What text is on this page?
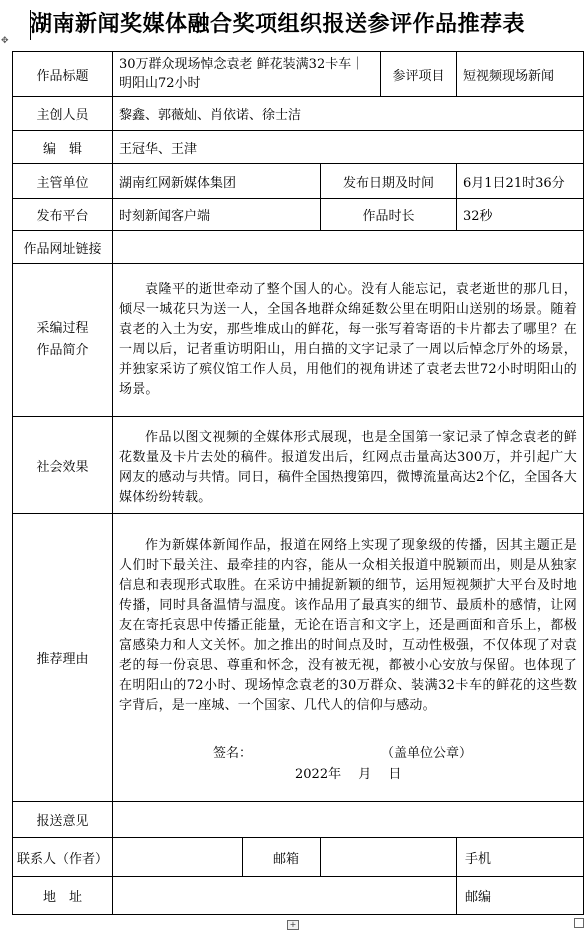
湖南新闻奖媒体融合奖项组织报送参评作品推荐表
✥
作品标题	30万群众现场悼念袁老 鲜花装满32卡车｜明阳山72小时			参评项目	短视频现场新闻
主创人员	黎鑫、郭薇灿、肖依诺、徐士洁				
编　辑	王冠华、王津				
主管单位	湖南红网新媒体集团		发布日期及时间		6月1日21时36分
发布平台	时刻新闻客户端		作品时长		32秒
作品网址链接					

采编过程
作品简介	袁隆平的逝世牵动了整个国人的心。没有人能忘记，袁老逝世的那几日，倾尽一城花只为送一人，全国各地群众绵延数公里在明阳山送别的场景。随着袁老的入土为安，那些堆成山的鲜花，每一张写着寄语的卡片都去了哪里？在一周以后，记者重访明阳山，用白描的文字记录了一周以后悼念厅外的场景，并独家采访了殡仪馆工作人员，用他们的视角讲述了袁老去世72小时明阳山的场景。				

社会效果	作品以图文视频的全媒体形式展现，也是全国第一家记录了悼念袁老的鲜花数量及卡片去处的稿件。报道发出后，红网点击量高达300万，并引起广大网友的感动与共情。同日，稿件全国热搜第四，微博流量高达2个亿，全国各大媒体纷纷转载。				

推荐理由	作为新媒体新闻作品，报道在网络上实现了现象级的传播，因其主题正是人们时下最关注、最牵挂的内容，能从一众相关报道中脱颖而出，则是从独家信息和表现形式取胜。在采访中捕捉新颖的细节，运用短视频扩大平台及时地传播，同时具备温情与温度。该作品用了最真实的细节、最质朴的感情，让网友在寄托哀思中传播正能量，无论在语言和文字上，还是画面和音乐上，都极富感染力和人文关怀。加之推出的时间点及时，互动性极强，不仅体现了对袁老的每一份哀思、尊重和怀念，没有被无视，都被小心安放与保留。也体现了在明阳山的72小时、现场悼念袁老的30万群众、装满32卡车的鲜花的这些数字背后，是一座城、一个国家、几代人的信仰与感动。

签名： （盖单位公章）
2022年　 月　 日				

报送意见					
联系人（作者）		邮箱			手机
地　址					邮编
+
